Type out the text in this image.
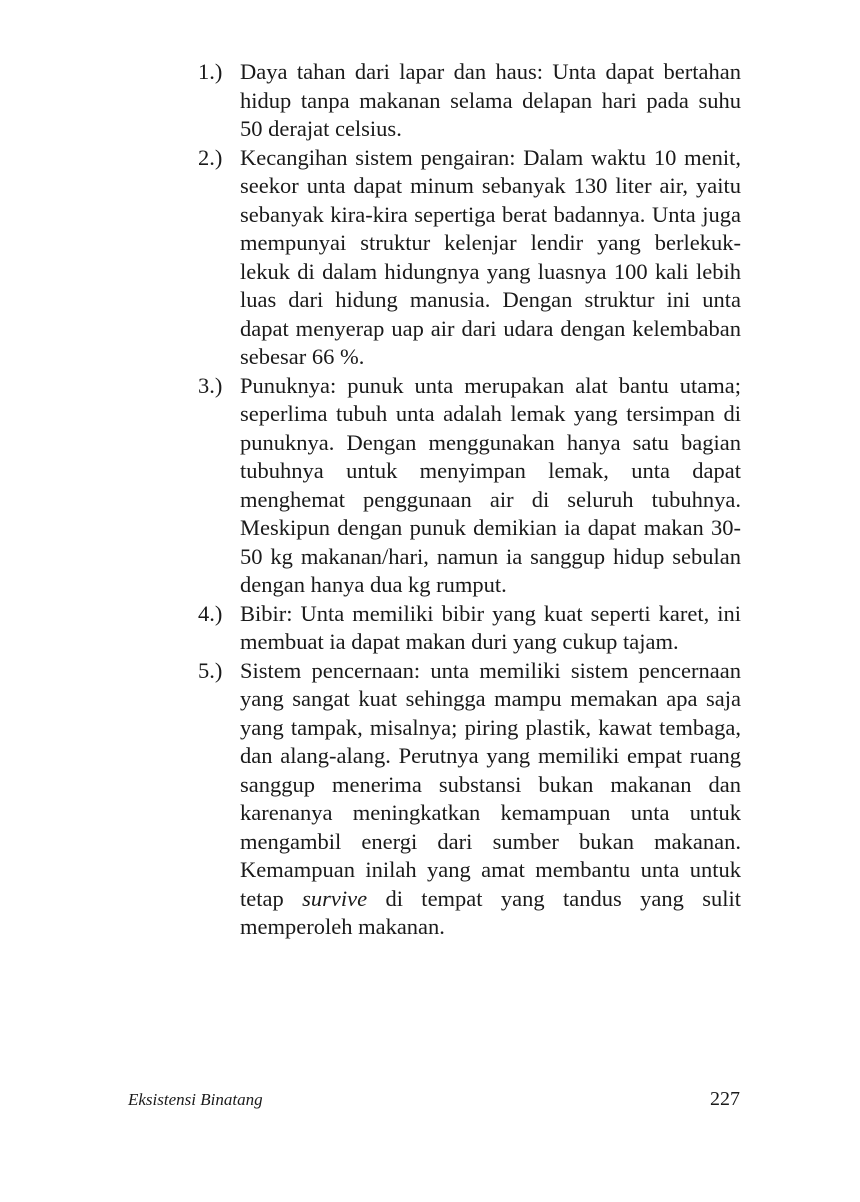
1.) Daya tahan dari lapar dan haus: Unta dapat bertahan hidup tanpa makanan selama delapan hari pada suhu 50 derajat celsius.
2.) Kecangihan sistem pengairan: Dalam waktu 10 menit, seekor unta dapat minum sebanyak 130 liter air, yaitu sebanyak kira-kira sepertiga berat badannya. Unta juga mempunyai struktur kelenjar lendir yang berlekuk-lekuk di dalam hidungnya yang luasnya 100 kali lebih luas dari hidung manusia. Dengan struktur ini unta dapat menyerap uap air dari udara dengan kelembaban sebesar 66 %.
3.) Punuknya: punuk unta merupakan alat bantu utama; seperlima tubuh unta adalah lemak yang tersimpan di punuknya. Dengan menggunakan hanya satu bagian tubuhnya untuk menyimpan lemak, unta dapat menghemat penggunaan air di seluruh tubuhnya. Meskipun dengan punuk demikian ia dapat makan 30-50 kg makanan/hari, namun ia sanggup hidup sebulan dengan hanya dua kg rumput.
4.) Bibir: Unta memiliki bibir yang kuat seperti karet, ini membuat ia dapat makan duri yang cukup tajam.
5.) Sistem pencernaan: unta memiliki sistem pencernaan yang sangat kuat sehingga mampu memakan apa saja yang tampak, misalnya; piring plastik, kawat tembaga, dan alang-alang. Perutnya yang memiliki empat ruang sanggup menerima substansi bukan makanan dan karenanya meningkatkan kemampuan unta untuk mengambil energi dari sumber bukan makanan. Kemampuan inilah yang amat membantu unta untuk tetap survive di tempat yang tandus yang sulit memperoleh makanan.
Eksistensi Binatang	227
